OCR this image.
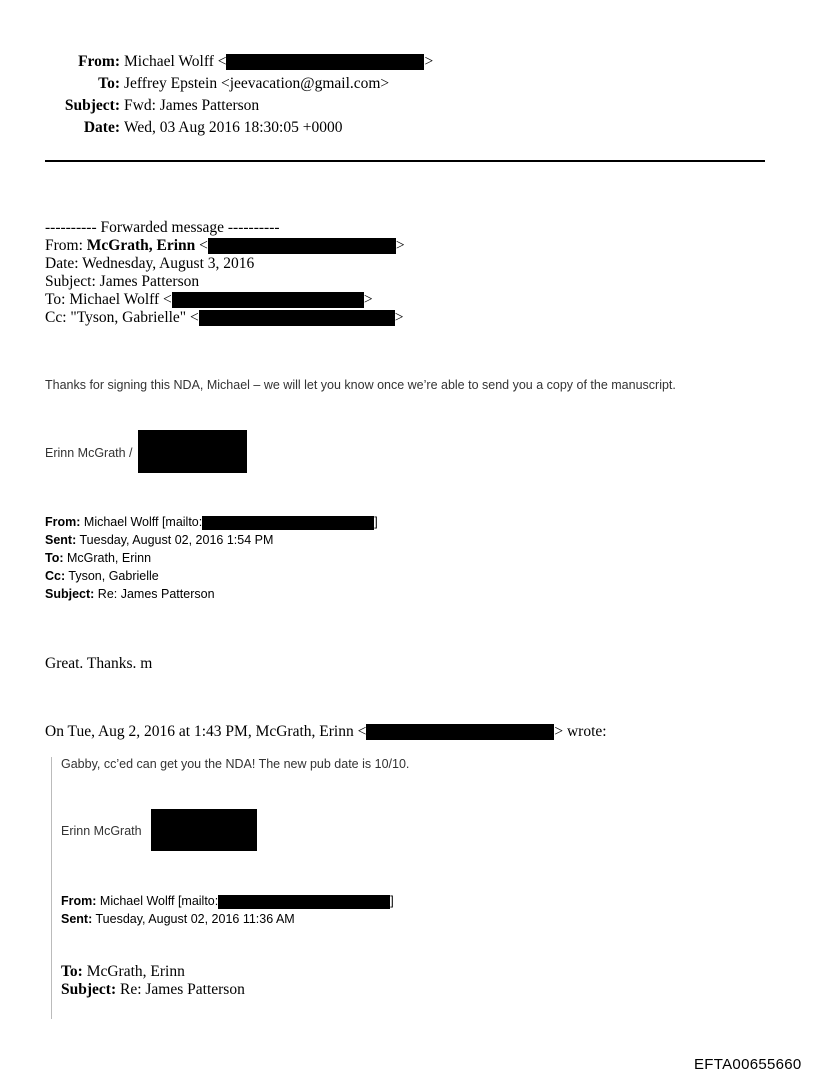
From: Michael Wolff <	>
To: Jeffrey Epstein <jeevacation@gmail.com>
Subject: Fwd: James Patterson
Date: Wed, 03 Aug 2016 18:30:05 +0000
---------- Forwarded message ----------
From: McGrath, Erinn <	>
Date: Wednesday, August 3, 2016
Subject: James Patterson
To: Michael Wolff <	>
Cc: "Tyson, Gabrielle" <	>
Thanks for signing this NDA, Michael – we will let you know once we’re able to send you a copy of the manuscript.
Erinn McGrath /
From: Michael Wolff [mailto:	]
Sent: Tuesday, August 02, 2016 1:54 PM
To: McGrath, Erinn
Cc: Tyson, Gabrielle
Subject: Re: James Patterson
Great. Thanks. m
On Tue, Aug 2, 2016 at 1:43 PM, McGrath, Erinn <	> wrote:
Gabby, cc’ed can get you the NDA! The new pub date is 10/10.
Erinn McGrath
From: Michael Wolff [mailto:	]
Sent: Tuesday, August 02, 2016 11:36 AM
To: McGrath, Erinn
Subject: Re: James Patterson
EFTA00655660
